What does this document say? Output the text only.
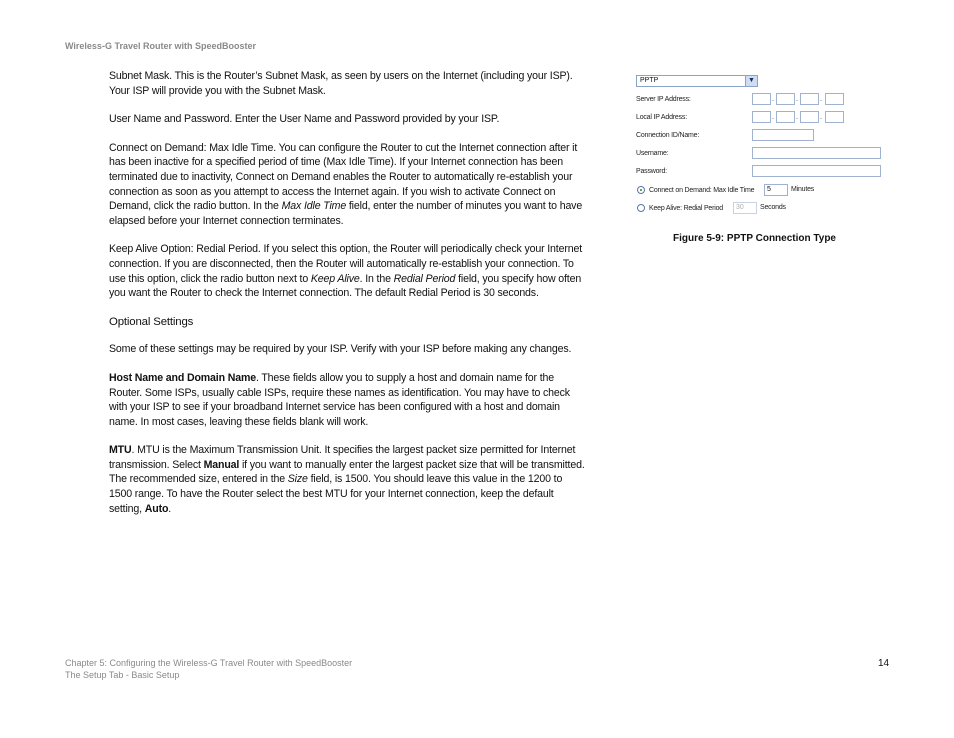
Wireless-G Travel Router with SpeedBooster

Subnet Mask. This is the Router’s Subnet Mask, as seen by users on the Internet (including your ISP). Your ISP will provide you with the Subnet Mask.

User Name and Password. Enter the User Name and Password provided by your ISP.

Connect on Demand: Max Idle Time. You can configure the Router to cut the Internet connection after it has been inactive for a specified period of time (Max Idle Time). If your Internet connection has been terminated due to inactivity, Connect on Demand enables the Router to automatically re-establish your connection as soon as you attempt to access the Internet again. If you wish to activate Connect on Demand, click the radio button. In the Max Idle Time field, enter the number of minutes you want to have elapsed before your Internet connection terminates.

Keep Alive Option: Redial Period. If you select this option, the Router will periodically check your Internet connection. If you are disconnected, then the Router will automatically re-establish your connection. To use this option, click the radio button next to Keep Alive. In the Redial Period field, you specify how often you want the Router to check the Internet connection. The default Redial Period is 30 seconds.

Optional Settings

Some of these settings may be required by your ISP. Verify with your ISP before making any changes.

Host Name and Domain Name. These fields allow you to supply a host and domain name for the Router. Some ISPs, usually cable ISPs, require these names as identification. You may have to check with your ISP to see if your broadband Internet service has been configured with a host and domain name. In most cases, leaving these fields blank will work.

MTU. MTU is the Maximum Transmission Unit. It specifies the largest packet size permitted for Internet transmission. Select Manual if you want to manually enter the largest packet size that will be transmitted. The recommended size, entered in the Size field, is 1500. You should leave this value in the 1200 to 1500 range. To have the Router select the best MTU for your Internet connection, keep the default setting, Auto.

PPTP	▼
Server IP Address:	.	.	.
Local IP Address:	.	.	.
Connection ID/Name:
Username:
Password:
Connect on Demand: Max Idle Time	5	Minutes
Keep Alive: Redial Period	30	Seconds
Figure 5-9: PPTP Connection Type
Chapter 5: Configuring the Wireless-G Travel Router with SpeedBooster
The Setup Tab - Basic Setup
14
